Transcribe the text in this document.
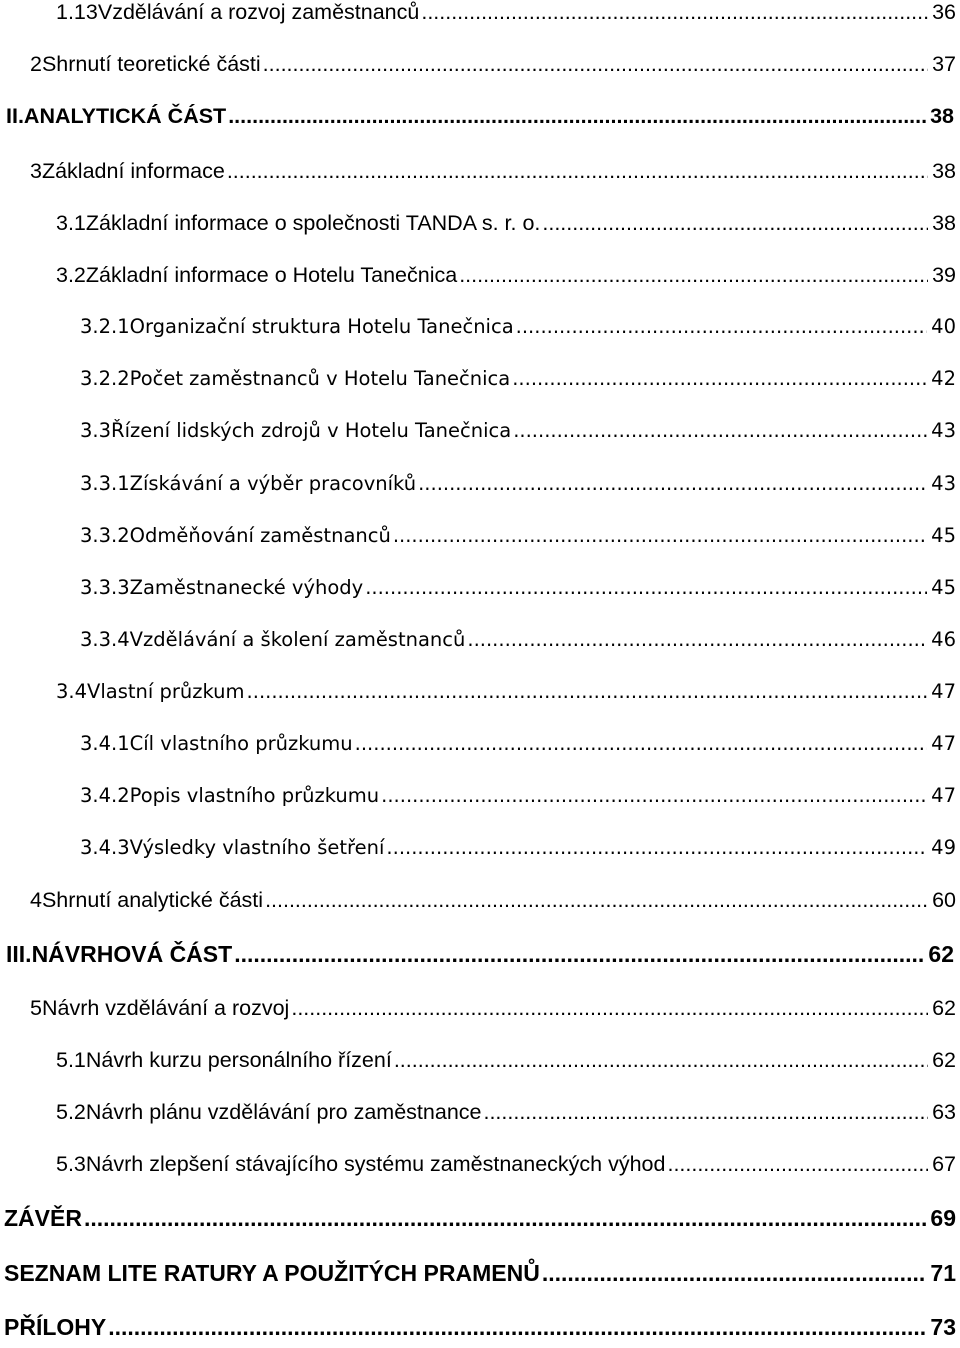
1.13 Vzdělávání a rozvoj zaměstnanců .....	36
2 Shrnutí teoretické části .....	37
II. ANALYTICKÁ ČÁST .....	38
3 Základní informace .....	38
3.1 Základní informace o společnosti TANDA s. r. o. .....	38
3.2 Základní informace o Hotelu Tanečnica .....	39
3.2.1 Organizační struktura Hotelu Tanečnica .....	40
3.2.2 Počet zaměstnanců v Hotelu Tanečnica .....	42
3.3 Řízení lidských zdrojů v Hotelu Tanečnica .....	43
3.3.1 Získávání a výběr pracovníků .....	43
3.3.2 Odměňování zaměstnanců .....	45
3.3.3 Zaměstnanecké výhody .....	45
3.3.4 Vzdělávání a školení zaměstnanců .....	46
3.4 Vlastní průzkum .....	47
3.4.1 Cíl vlastního průzkumu .....	47
3.4.2 Popis vlastního průzkumu .....	47
3.4.3 Výsledky vlastního šetření .....	49
4 Shrnutí analytické části .....	60
III. NÁVRHOVÁ ČÁST .....	62
5 Návrh vzdělávání a rozvoj .....	62
5.1 Návrh kurzu personálního řízení .....	62
5.2 Návrh plánu vzdělávání pro zaměstnance .....	63
5.3 Návrh zlepšení stávajícího systému zaměstnaneckých výhod .....	67
ZÁVĚR .....	69
SEZNAM LITE RATURY A POUŽITÝCH PRAMENŮ .....	71
PŘÍLOHY .....	73
